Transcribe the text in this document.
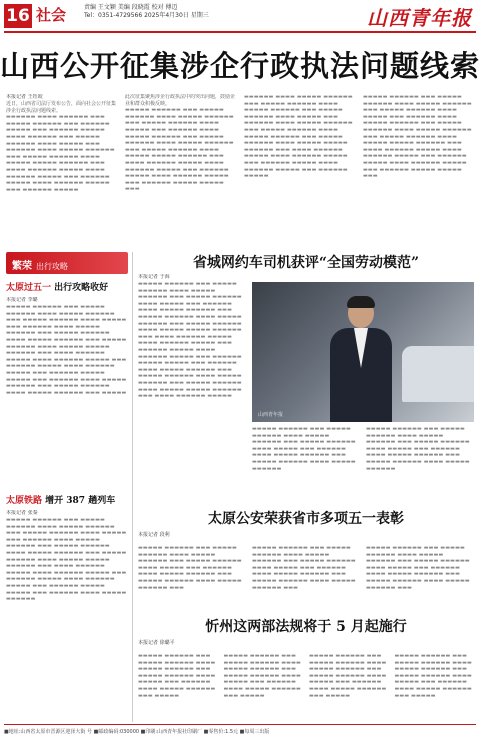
16 社会	责编 王文颖 美编 段晓霞 校对 傅迈
Tel：0351-4729566 2025年4月30日 星期三	山西青年报
山西公开征集涉企行政执法问题线索
本报记者 王钰皎

近日，山西省司法厅发布公告，面向社会公开征集涉企行政执法问题线索。

▬▬▬▬▬▬ ▬▬▬▬ ▬▬▬▬▬▬ ▬▬▬ ▬▬▬▬▬ ▬▬▬▬▬▬ ▬▬▬ ▬▬▬▬▬▬ ▬▬▬▬▬ ▬▬▬ ▬▬▬▬▬▬ ▬▬▬▬▬ ▬▬▬▬ ▬▬▬▬▬▬ ▬▬▬ ▬▬▬▬▬ ▬▬▬▬▬▬ ▬▬▬▬ ▬▬▬▬▬ ▬▬▬ ▬▬▬▬▬▬ ▬▬▬▬ ▬▬▬▬▬ ▬▬▬▬▬▬ ▬▬▬ ▬▬▬▬▬ ▬▬▬▬▬▬ ▬▬▬▬ ▬▬▬▬▬ ▬▬▬▬▬ ▬▬▬▬▬▬ ▬▬▬ ▬▬▬▬ ▬▬▬▬▬▬ ▬▬▬▬▬ ▬▬▬▬ ▬▬▬▬▬▬ ▬▬▬▬▬ ▬▬▬ ▬▬▬▬▬▬ ▬▬▬▬▬ ▬▬▬▬ ▬▬▬▬▬▬ ▬▬▬▬▬ ▬▬▬ ▬▬▬▬▬▬ ▬▬▬▬▬

此次征集聚焦涉企行政执法中的突出问题，鼓励企业和群众积极反映。

▬▬▬▬▬ ▬▬▬▬▬▬ ▬▬▬ ▬▬▬▬▬ ▬▬▬▬▬▬ ▬▬▬▬ ▬▬▬▬▬ ▬▬▬▬▬▬ ▬▬▬ ▬▬▬▬▬ ▬▬▬▬▬▬ ▬▬▬▬ ▬▬▬▬▬ ▬▬▬ ▬▬▬▬▬▬ ▬▬▬▬ ▬▬▬▬▬ ▬▬▬▬▬▬ ▬▬▬ ▬▬▬▬▬ ▬▬▬▬▬▬ ▬▬▬▬ ▬▬▬▬▬ ▬▬▬▬▬▬ ▬▬▬ ▬▬▬▬▬ ▬▬▬▬▬▬ ▬▬▬▬ ▬▬▬▬▬ ▬▬▬▬▬ ▬▬▬▬▬▬ ▬▬▬ ▬▬▬▬ ▬▬▬▬▬▬ ▬▬▬▬▬ ▬▬▬▬ ▬▬▬▬▬▬ ▬▬▬▬▬ ▬▬▬ ▬▬▬▬▬▬ ▬▬▬▬▬ ▬▬▬▬ ▬▬▬▬▬▬ ▬▬▬▬▬ ▬▬▬ ▬▬▬▬▬▬ ▬▬▬▬▬ ▬▬▬▬▬ ▬▬▬
▬▬▬▬▬▬ ▬▬▬▬ ▬▬▬▬▬ ▬▬▬▬▬▬ ▬▬▬ ▬▬▬▬▬ ▬▬▬▬▬▬ ▬▬▬▬ ▬▬▬▬▬ ▬▬▬▬▬▬ ▬▬▬ ▬▬▬▬▬ ▬▬▬▬▬▬ ▬▬▬▬ ▬▬▬▬▬ ▬▬▬ ▬▬▬▬▬▬ ▬▬▬▬ ▬▬▬▬▬ ▬▬▬▬▬▬ ▬▬▬ ▬▬▬▬▬ ▬▬▬▬▬▬ ▬▬▬▬ ▬▬▬▬▬ ▬▬▬▬▬▬ ▬▬▬ ▬▬▬▬▬ ▬▬▬▬▬▬ ▬▬▬▬ ▬▬▬▬▬ ▬▬▬▬▬ ▬▬▬▬▬▬ ▬▬▬ ▬▬▬▬ ▬▬▬▬▬▬ ▬▬▬▬▬ ▬▬▬▬ ▬▬▬▬▬▬ ▬▬▬▬▬ ▬▬▬ ▬▬▬▬▬▬ ▬▬▬▬▬ ▬▬▬▬ ▬▬▬▬▬▬ ▬▬▬▬▬ ▬▬▬ ▬▬▬▬▬▬ ▬▬▬▬▬
▬▬▬▬▬ ▬▬▬▬▬▬ ▬▬▬ ▬▬▬▬▬ ▬▬▬▬▬▬ ▬▬▬▬ ▬▬▬▬▬ ▬▬▬▬▬▬ ▬▬▬ ▬▬▬▬▬ ▬▬▬▬▬▬ ▬▬▬▬ ▬▬▬▬▬ ▬▬▬ ▬▬▬▬▬▬ ▬▬▬▬ ▬▬▬▬▬ ▬▬▬▬▬▬ ▬▬▬ ▬▬▬▬▬ ▬▬▬▬▬▬ ▬▬▬▬ ▬▬▬▬▬ ▬▬▬▬▬▬ ▬▬▬ ▬▬▬▬▬ ▬▬▬▬▬▬ ▬▬▬▬ ▬▬▬▬▬ ▬▬▬▬▬ ▬▬▬▬▬▬ ▬▬▬ ▬▬▬▬ ▬▬▬▬▬▬ ▬▬▬▬▬ ▬▬▬▬ ▬▬▬▬▬▬ ▬▬▬▬▬ ▬▬▬ ▬▬▬▬▬▬ ▬▬▬▬▬ ▬▬▬▬ ▬▬▬▬▬▬ ▬▬▬▬▬ ▬▬▬ ▬▬▬▬▬▬ ▬▬▬▬▬ ▬▬▬▬▬ ▬▬▬
繁荣 出行攻略
太原过五一 出行攻略收好
本报记者 李璐
▬▬▬▬▬ ▬▬▬▬▬▬ ▬▬▬ ▬▬▬▬▬ ▬▬▬▬▬▬ ▬▬▬▬ ▬▬▬▬▬ ▬▬▬▬▬▬ ▬▬▬ ▬▬▬▬▬ ▬▬▬▬▬▬ ▬▬▬▬ ▬▬▬▬▬ ▬▬▬ ▬▬▬▬▬▬ ▬▬▬▬ ▬▬▬▬▬ ▬▬▬▬▬▬ ▬▬▬ ▬▬▬▬▬ ▬▬▬▬▬▬ ▬▬▬▬ ▬▬▬▬▬ ▬▬▬▬▬▬ ▬▬▬ ▬▬▬▬▬ ▬▬▬▬▬▬ ▬▬▬▬ ▬▬▬▬▬ ▬▬▬▬▬ ▬▬▬▬▬▬ ▬▬▬ ▬▬▬▬ ▬▬▬▬▬▬ ▬▬▬▬▬ ▬▬▬▬ ▬▬▬▬▬▬ ▬▬▬▬▬ ▬▬▬ ▬▬▬▬▬▬ ▬▬▬▬▬ ▬▬▬▬ ▬▬▬▬▬▬ ▬▬▬▬▬ ▬▬▬ ▬▬▬▬▬▬ ▬▬▬▬▬ ▬▬▬▬▬ ▬▬▬ ▬▬▬▬▬▬ ▬▬▬▬ ▬▬▬▬▬ ▬▬▬▬▬▬ ▬▬▬ ▬▬▬▬▬ ▬▬▬▬▬▬ ▬▬▬▬ ▬▬▬▬▬ ▬▬▬▬▬▬ ▬▬▬ ▬▬▬▬▬
太原铁路 增开 387 趟列车
本报记者 张秦
▬▬▬▬▬ ▬▬▬▬▬▬ ▬▬▬ ▬▬▬▬▬ ▬▬▬▬▬▬ ▬▬▬▬ ▬▬▬▬▬ ▬▬▬▬▬▬ ▬▬▬ ▬▬▬▬▬ ▬▬▬▬▬▬ ▬▬▬▬ ▬▬▬▬▬ ▬▬▬ ▬▬▬▬▬▬ ▬▬▬▬ ▬▬▬▬▬ ▬▬▬▬▬▬ ▬▬▬ ▬▬▬▬▬ ▬▬▬▬▬▬ ▬▬▬▬ ▬▬▬▬▬ ▬▬▬▬▬▬ ▬▬▬ ▬▬▬▬▬ ▬▬▬▬▬▬ ▬▬▬▬ ▬▬▬▬▬ ▬▬▬▬▬ ▬▬▬▬▬▬ ▬▬▬ ▬▬▬▬ ▬▬▬▬▬▬ ▬▬▬▬▬ ▬▬▬▬ ▬▬▬▬▬▬ ▬▬▬▬▬ ▬▬▬ ▬▬▬▬▬▬ ▬▬▬▬▬ ▬▬▬▬ ▬▬▬▬▬▬ ▬▬▬▬▬ ▬▬▬ ▬▬▬▬▬▬ ▬▬▬▬▬ ▬▬▬▬▬ ▬▬▬ ▬▬▬▬▬▬ ▬▬▬▬ ▬▬▬▬▬ ▬▬▬▬▬▬
省城网约车司机获评“全国劳动模范”
本报记者 于海
▬▬▬▬▬ ▬▬▬▬▬▬ ▬▬▬ ▬▬▬▬▬ ▬▬▬▬▬▬ ▬▬▬▬ ▬▬▬▬▬ ▬▬▬▬▬▬ ▬▬▬ ▬▬▬▬▬ ▬▬▬▬▬▬ ▬▬▬▬ ▬▬▬▬▬ ▬▬▬ ▬▬▬▬▬▬ ▬▬▬▬ ▬▬▬▬▬ ▬▬▬▬▬▬ ▬▬▬ ▬▬▬▬▬ ▬▬▬▬▬▬ ▬▬▬▬ ▬▬▬▬▬ ▬▬▬▬▬▬ ▬▬▬ ▬▬▬▬▬ ▬▬▬▬▬▬ ▬▬▬▬ ▬▬▬▬▬ ▬▬▬▬▬ ▬▬▬▬▬▬ ▬▬▬ ▬▬▬▬ ▬▬▬▬▬▬ ▬▬▬▬▬ ▬▬▬▬ ▬▬▬▬▬▬ ▬▬▬▬▬ ▬▬▬ ▬▬▬▬▬▬ ▬▬▬▬▬ ▬▬▬▬ ▬▬▬▬▬▬ ▬▬▬▬▬ ▬▬▬ ▬▬▬▬▬▬ ▬▬▬▬▬ ▬▬▬▬▬ ▬▬▬ ▬▬▬▬▬▬ ▬▬▬▬ ▬▬▬▬▬ ▬▬▬▬▬▬ ▬▬▬ ▬▬▬▬▬ ▬▬▬▬▬▬ ▬▬▬▬ ▬▬▬▬▬ ▬▬▬▬▬▬ ▬▬▬ ▬▬▬▬▬ ▬▬▬▬▬▬ ▬▬▬▬ ▬▬▬▬▬ ▬▬▬▬▬ ▬▬▬▬▬▬ ▬▬▬ ▬▬▬▬ ▬▬▬▬▬▬ ▬▬▬▬▬
山西青年报
▬▬▬▬▬ ▬▬▬▬▬▬ ▬▬▬ ▬▬▬▬▬ ▬▬▬▬▬▬ ▬▬▬▬ ▬▬▬▬▬ ▬▬▬▬▬▬ ▬▬▬ ▬▬▬▬▬ ▬▬▬▬▬▬ ▬▬▬▬ ▬▬▬▬▬ ▬▬▬ ▬▬▬▬▬▬ ▬▬▬▬ ▬▬▬▬▬ ▬▬▬▬▬▬ ▬▬▬ ▬▬▬▬▬ ▬▬▬▬▬▬ ▬▬▬▬ ▬▬▬▬▬ ▬▬▬▬▬▬
▬▬▬▬▬ ▬▬▬▬▬▬ ▬▬▬ ▬▬▬▬▬ ▬▬▬▬▬▬ ▬▬▬▬ ▬▬▬▬▬ ▬▬▬▬▬▬ ▬▬▬ ▬▬▬▬▬ ▬▬▬▬▬▬ ▬▬▬▬ ▬▬▬▬▬ ▬▬▬ ▬▬▬▬▬▬ ▬▬▬▬ ▬▬▬▬▬ ▬▬▬▬▬▬ ▬▬▬ ▬▬▬▬▬ ▬▬▬▬▬▬ ▬▬▬▬ ▬▬▬▬▬ ▬▬▬▬▬▬
太原公安荣获省市多项五一表彰
本报记者 段利
▬▬▬▬▬ ▬▬▬▬▬▬ ▬▬▬ ▬▬▬▬▬ ▬▬▬▬▬▬ ▬▬▬▬ ▬▬▬▬▬ ▬▬▬▬▬▬ ▬▬▬ ▬▬▬▬▬ ▬▬▬▬▬▬ ▬▬▬▬ ▬▬▬▬▬ ▬▬▬ ▬▬▬▬▬▬ ▬▬▬▬ ▬▬▬▬▬ ▬▬▬▬▬▬ ▬▬▬ ▬▬▬▬▬ ▬▬▬▬▬▬ ▬▬▬▬ ▬▬▬▬▬ ▬▬▬▬▬▬ ▬▬▬
▬▬▬▬▬ ▬▬▬▬▬▬ ▬▬▬ ▬▬▬▬▬ ▬▬▬▬▬▬ ▬▬▬▬ ▬▬▬▬▬ ▬▬▬▬▬▬ ▬▬▬ ▬▬▬▬▬ ▬▬▬▬▬▬ ▬▬▬▬ ▬▬▬▬▬ ▬▬▬ ▬▬▬▬▬▬ ▬▬▬▬ ▬▬▬▬▬ ▬▬▬▬▬▬ ▬▬▬ ▬▬▬▬▬ ▬▬▬▬▬▬ ▬▬▬▬ ▬▬▬▬▬ ▬▬▬▬▬▬ ▬▬▬
▬▬▬▬▬ ▬▬▬▬▬▬ ▬▬▬ ▬▬▬▬▬ ▬▬▬▬▬▬ ▬▬▬▬ ▬▬▬▬▬ ▬▬▬▬▬▬ ▬▬▬ ▬▬▬▬▬ ▬▬▬▬▬▬ ▬▬▬▬ ▬▬▬▬▬ ▬▬▬ ▬▬▬▬▬▬ ▬▬▬▬ ▬▬▬▬▬ ▬▬▬▬▬▬ ▬▬▬ ▬▬▬▬▬ ▬▬▬▬▬▬ ▬▬▬▬ ▬▬▬▬▬ ▬▬▬▬▬▬ ▬▬▬
忻州这两部法规将于 5 月起施行
本报记者 徐璐平
▬▬▬▬▬ ▬▬▬▬▬▬ ▬▬▬ ▬▬▬▬▬ ▬▬▬▬▬▬ ▬▬▬▬ ▬▬▬▬▬ ▬▬▬▬▬▬ ▬▬▬ ▬▬▬▬▬ ▬▬▬▬▬▬ ▬▬▬▬ ▬▬▬▬▬ ▬▬▬ ▬▬▬▬▬▬ ▬▬▬▬ ▬▬▬▬▬ ▬▬▬▬▬▬ ▬▬▬ ▬▬▬▬▬
▬▬▬▬▬ ▬▬▬▬▬▬ ▬▬▬ ▬▬▬▬▬ ▬▬▬▬▬▬ ▬▬▬▬ ▬▬▬▬▬ ▬▬▬▬▬▬ ▬▬▬ ▬▬▬▬▬ ▬▬▬▬▬▬ ▬▬▬▬ ▬▬▬▬▬ ▬▬▬ ▬▬▬▬▬▬ ▬▬▬▬ ▬▬▬▬▬ ▬▬▬▬▬▬ ▬▬▬ ▬▬▬▬▬
▬▬▬▬▬ ▬▬▬▬▬▬ ▬▬▬ ▬▬▬▬▬ ▬▬▬▬▬▬ ▬▬▬▬ ▬▬▬▬▬ ▬▬▬▬▬▬ ▬▬▬ ▬▬▬▬▬ ▬▬▬▬▬▬ ▬▬▬▬ ▬▬▬▬▬ ▬▬▬ ▬▬▬▬▬▬ ▬▬▬▬ ▬▬▬▬▬ ▬▬▬▬▬▬ ▬▬▬ ▬▬▬▬▬
▬▬▬▬▬ ▬▬▬▬▬▬ ▬▬▬ ▬▬▬▬▬ ▬▬▬▬▬▬ ▬▬▬▬ ▬▬▬▬▬ ▬▬▬▬▬▬ ▬▬▬ ▬▬▬▬▬ ▬▬▬▬▬▬ ▬▬▬▬ ▬▬▬▬▬ ▬▬▬ ▬▬▬▬▬▬ ▬▬▬▬ ▬▬▬▬▬ ▬▬▬▬▬▬ ▬▬▬ ▬▬▬▬▬
■地址:山西省太原市晋源区迎泽大街 号 ■邮政编码:030000 ■印刷:山西青年报社印刷厂 ■零售价:1.5元 ■每周三出版
